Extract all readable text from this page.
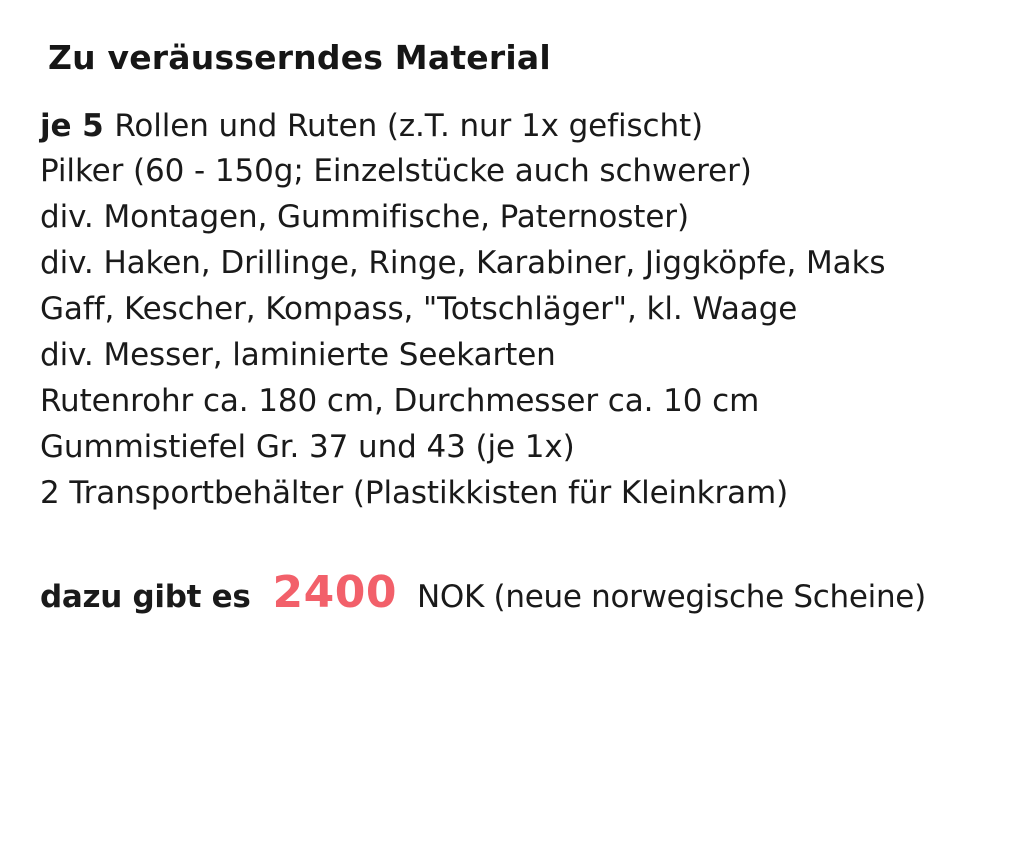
Zu veräusserndes Material
je 5 Rollen und Ruten (z.T. nur 1x gefischt)
Pilker (60 - 150g; Einzelstücke auch schwerer)
div. Montagen, Gummifische, Paternoster)
div. Haken, Drillinge, Ringe, Karabiner, Jiggköpfe, Maks
Gaff, Kescher, Kompass, "Totschläger", kl. Waage
div. Messer, laminierte Seekarten
Rutenrohr ca. 180 cm, Durchmesser ca. 10 cm
Gummistiefel Gr. 37 und 43 (je 1x)
2 Transportbehälter (Plastikkisten für Kleinkram)
dazu gibt es 2400 NOK (neue norwegische Scheine)
